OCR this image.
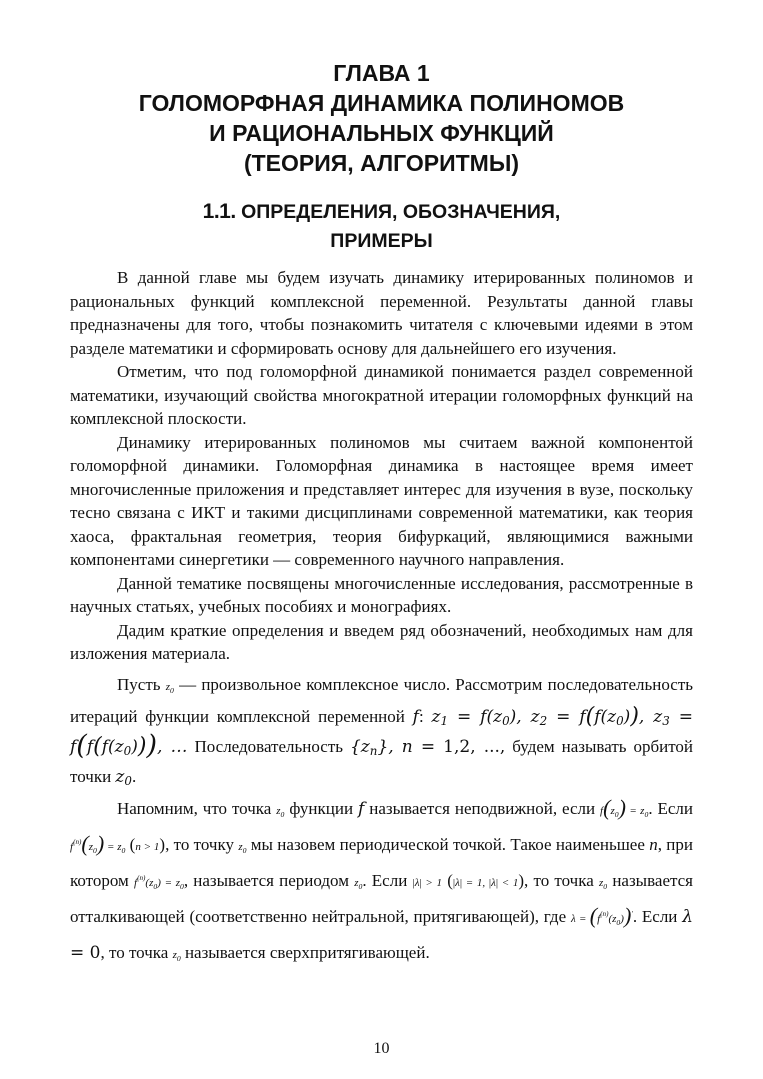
ГЛАВА 1
ГОЛОМОРФНАЯ ДИНАМИКА ПОЛИНОМОВ
И РАЦИОНАЛЬНЫХ ФУНКЦИЙ
(ТЕОРИЯ, АЛГОРИТМЫ)
1.1. ОПРЕДЕЛЕНИЯ, ОБОЗНАЧЕНИЯ,
ПРИМЕРЫ

В данной главе мы будем изучать динамику итерированных полиномов и рациональных функций комплексной переменной. Результаты данной главы предназначены для того, чтобы познакомить читателя с ключевыми идеями в этом разделе математики и сформировать основу для дальнейшего его изучения.

Отметим, что под голоморфной динамикой понимается раздел современной математики, изучающий свойства многократной итерации голоморфных функций на комплексной плоскости.

Динамику итерированных полиномов мы считаем важной компонентой голоморфной динамики. Голоморфная динамика в настоящее время имеет многочисленные приложения и представляет интерес для изучения в вузе, поскольку тесно связана с ИКТ и такими дисциплинами современной математики, как теория хаоса, фрактальная геометрия, теория бифуркаций, являющимися важными компонентами синергетики — современного научного направления.

Данной тематике посвящены многочисленные исследования, рассмотренные в научных статьях, учебных пособиях и монографиях.

Дадим краткие определения и введем ряд обозначений, необходимых нам для изложения материала.

Пусть $z_0$ — произвольное комплексное число. Рассмотрим последовательность итераций функции комплексной переменной f: $z_1 = f(z_0)$, $z_2 = f(f(z_0))$, $z_3 = f(f(f(z_0)))$, … Последовательность $\{z_n\}$, n = 1,2, ..., будем называть орбитой точки $z_0$.

Напомним, что точка $z_0$ функции f называется неподвижной, если $f(z_0) = z_0$. Если $f^{(n)}(z_0) = z_0$ (n > 1), то точку $z_0$ мы назовем периодической точкой. Такое наименьшее n, при котором $f^{(n)}(z_0) = z_0$, называется периодом $z_0$. Если |λ| > 1 (|λ| = 1, |λ| < 1), то точка $z_0$ называется отталкивающей (соответственно нейтральной, притягивающей), где $\lambda = (f^{(n)}(z_0))'$. Если λ = 0, то точка $z_0$ называется сверхпритягивающей.

10
